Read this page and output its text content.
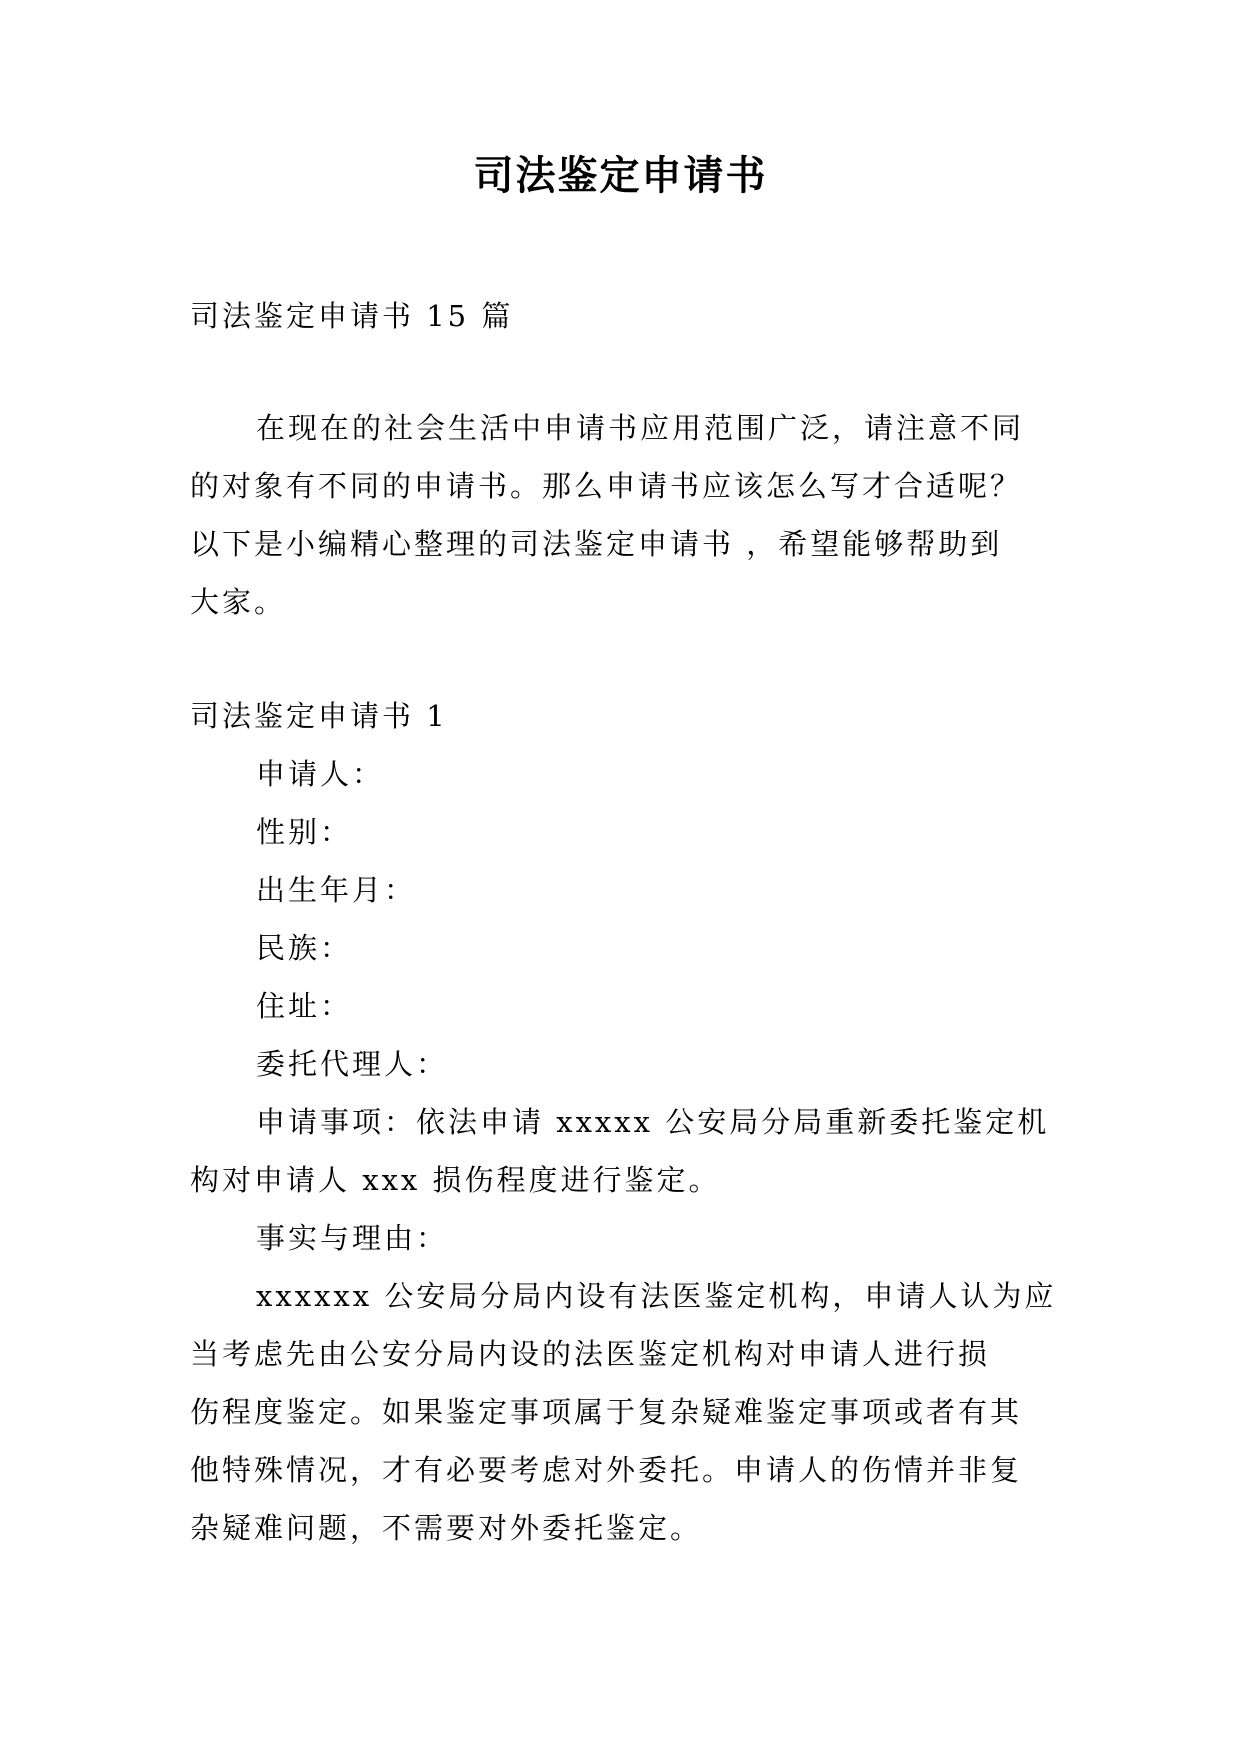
司法鉴定申请书
司法鉴定申请书 15 篇
在现在的社会生活中申请书应用范围广泛，请注意不同
的对象有不同的申请书。那么申请书应该怎么写才合适呢？
以下是小编精心整理的司法鉴定申请书 ，希望能够帮助到
大家。
司法鉴定申请书 1
申请人：
性别：
出生年月：
民族：
住址：
委托代理人：
申请事项：依法申请 xxxxx 公安局分局重新委托鉴定机
构对申请人 xxx 损伤程度进行鉴定。
事实与理由：
xxxxxx 公安局分局内设有法医鉴定机构，申请人认为应
当考虑先由公安分局内设的法医鉴定机构对申请人进行损
伤程度鉴定。如果鉴定事项属于复杂疑难鉴定事项或者有其
他特殊情况，才有必要考虑对外委托。申请人的伤情并非复
杂疑难问题，不需要对外委托鉴定。
